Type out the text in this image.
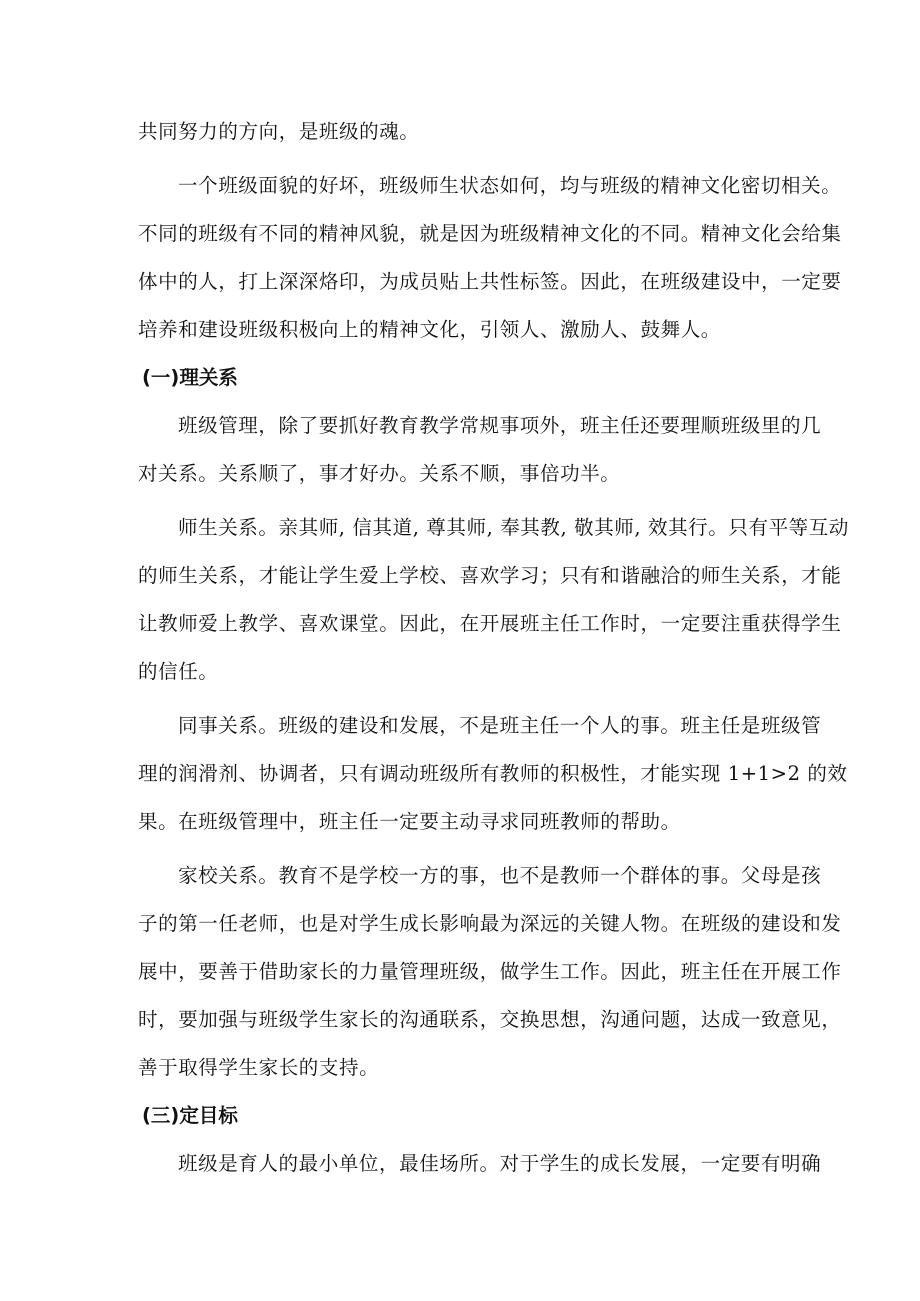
共同努力的方向，是班级的魂。
一个班级面貌的好坏，班级师生状态如何，均与班级的精神文化密切相关。
不同的班级有不同的精神风貌，就是因为班级精神文化的不同。精神文化会给集
体中的人，打上深深烙印，为成员贴上共性标签。因此，在班级建设中，一定要
培养和建设班级积极向上的精神文化，引领人、激励人、鼓舞人。
(一)理关系
班级管理，除了要抓好教育教学常规事项外，班主任还要理顺班级里的几
对关系。关系顺了，事才好办。关系不顺，事倍功半。
师生关系。亲其师, 信其道, 尊其师, 奉其教, 敬其师, 效其行。只有平等互动
的师生关系，才能让学生爱上学校、喜欢学习；只有和谐融洽的师生关系，才能
让教师爱上教学、喜欢课堂。因此，在开展班主任工作时，一定要注重获得学生
的信任。
同事关系。班级的建设和发展，不是班主任一个人的事。班主任是班级管
理的润滑剂、协调者，只有调动班级所有教师的积极性，才能实现 1+1>2 的效
果。在班级管理中，班主任一定要主动寻求同班教师的帮助。
家校关系。教育不是学校一方的事，也不是教师一个群体的事。父母是孩
子的第一任老师，也是对学生成长影响最为深远的关键人物。在班级的建设和发
展中，要善于借助家长的力量管理班级，做学生工作。因此，班主任在开展工作
时，要加强与班级学生家长的沟通联系，交换思想，沟通问题，达成一致意见，
善于取得学生家长的支持。
(三)定目标
班级是育人的最小单位，最佳场所。对于学生的成长发展，一定要有明确
